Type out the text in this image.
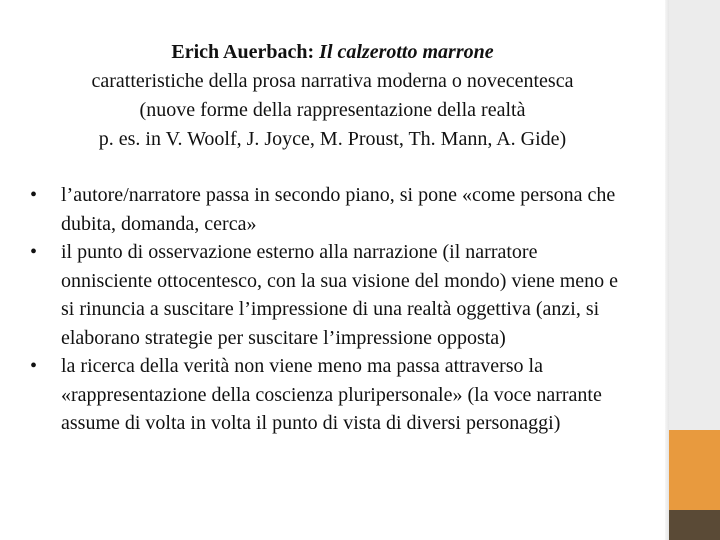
Erich Auerbach: Il calzerotto marrone
caratteristiche della prosa narrativa moderna o novecentesca
(nuove forme della rappresentazione della realtà
p. es. in V. Woolf, J. Joyce, M. Proust, Th. Mann, A. Gide)
• l’autore/narratore passa in secondo piano, si pone «come persona che dubita, domanda, cerca»
• il punto di osservazione esterno alla narrazione (il narratore onnisciente ottocentesco, con la sua visione del mondo) viene meno e si rinuncia a suscitare l’impressione di una realtà oggettiva (anzi, si elaborano strategie per suscitare l’impressione opposta)
• la ricerca della verità non viene meno ma passa attraverso la «rappresentazione della coscienza pluripersonale» (la voce narrante assume di volta in volta il punto di vista di diversi personaggi)
